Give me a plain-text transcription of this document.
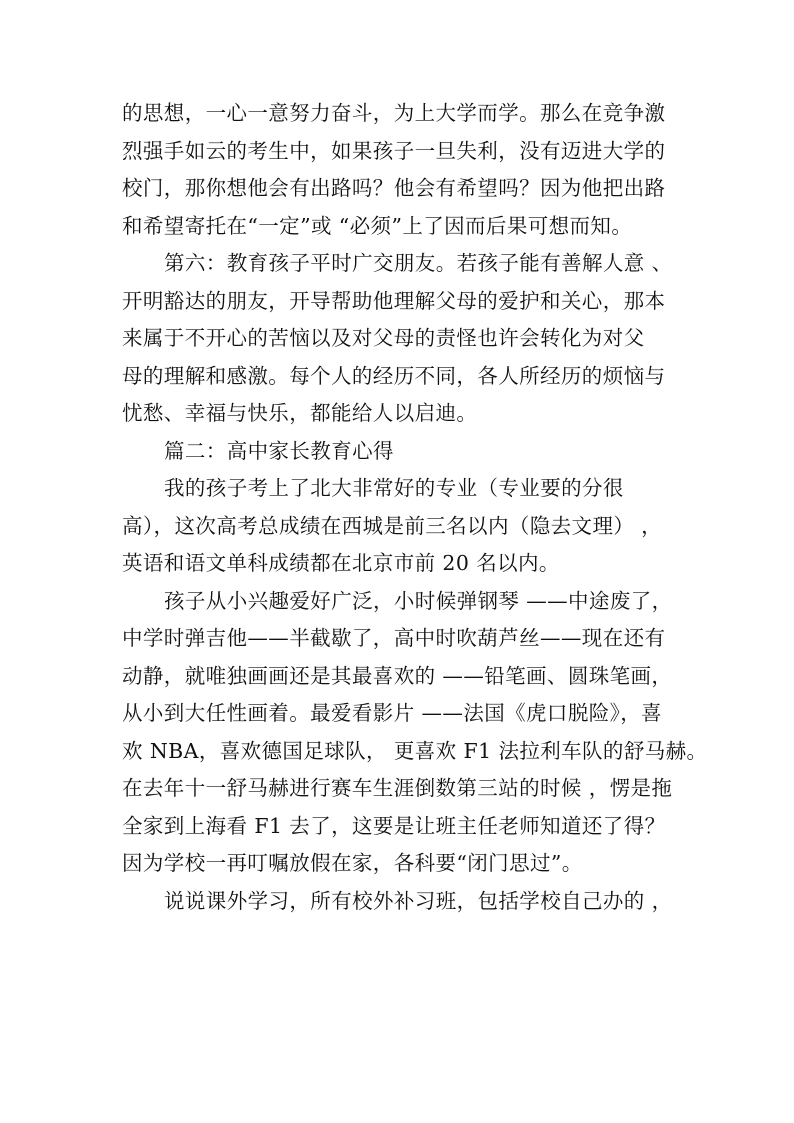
的思想，一心一意努力奋斗，为上大学而学。那么在竞争激
烈强手如云的考生中，如果孩子一旦失利，没有迈进大学的
校门，那你想他会有出路吗？他会有希望吗？因为他把出路
和希望寄托在“一定”或 “必须”上了因而后果可想而知。
第六：教育孩子平时广交朋友。若孩子能有善解人意 、
开明豁达的朋友，开导帮助他理解父母的爱护和关心，那本
来属于不开心的苦恼以及对父母的责怪也许会转化为对父
母的理解和感激。每个人的经历不同，各人所经历的烦恼与
忧愁、幸福与快乐，都能给人以启迪。
篇二：高中家长教育心得
我的孩子考上了北大非常好的专业（专业要的分很
高），这次高考总成绩在西城是前三名以内（隐去文理） ，
英语和语文单科成绩都在北京市前 20 名以内。
孩子从小兴趣爱好广泛，小时候弹钢琴 ——中途废了，
中学时弹吉他——半截歇了，高中时吹葫芦丝——现在还有
动静，就唯独画画还是其最喜欢的 ——铅笔画、圆珠笔画，
从小到大任性画着。最爱看影片 ——法国《虎口脱险》，喜
欢 NBA，喜欢德国足球队， 更喜欢 F1 法拉利车队的舒马赫。
在去年十一舒马赫进行赛车生涯倒数第三站的时候 ，愣是拖
全家到上海看 F1 去了，这要是让班主任老师知道还了得？
因为学校一再叮嘱放假在家，各科要“闭门思过”。
说说课外学习，所有校外补习班，包括学校自己办的 ，
